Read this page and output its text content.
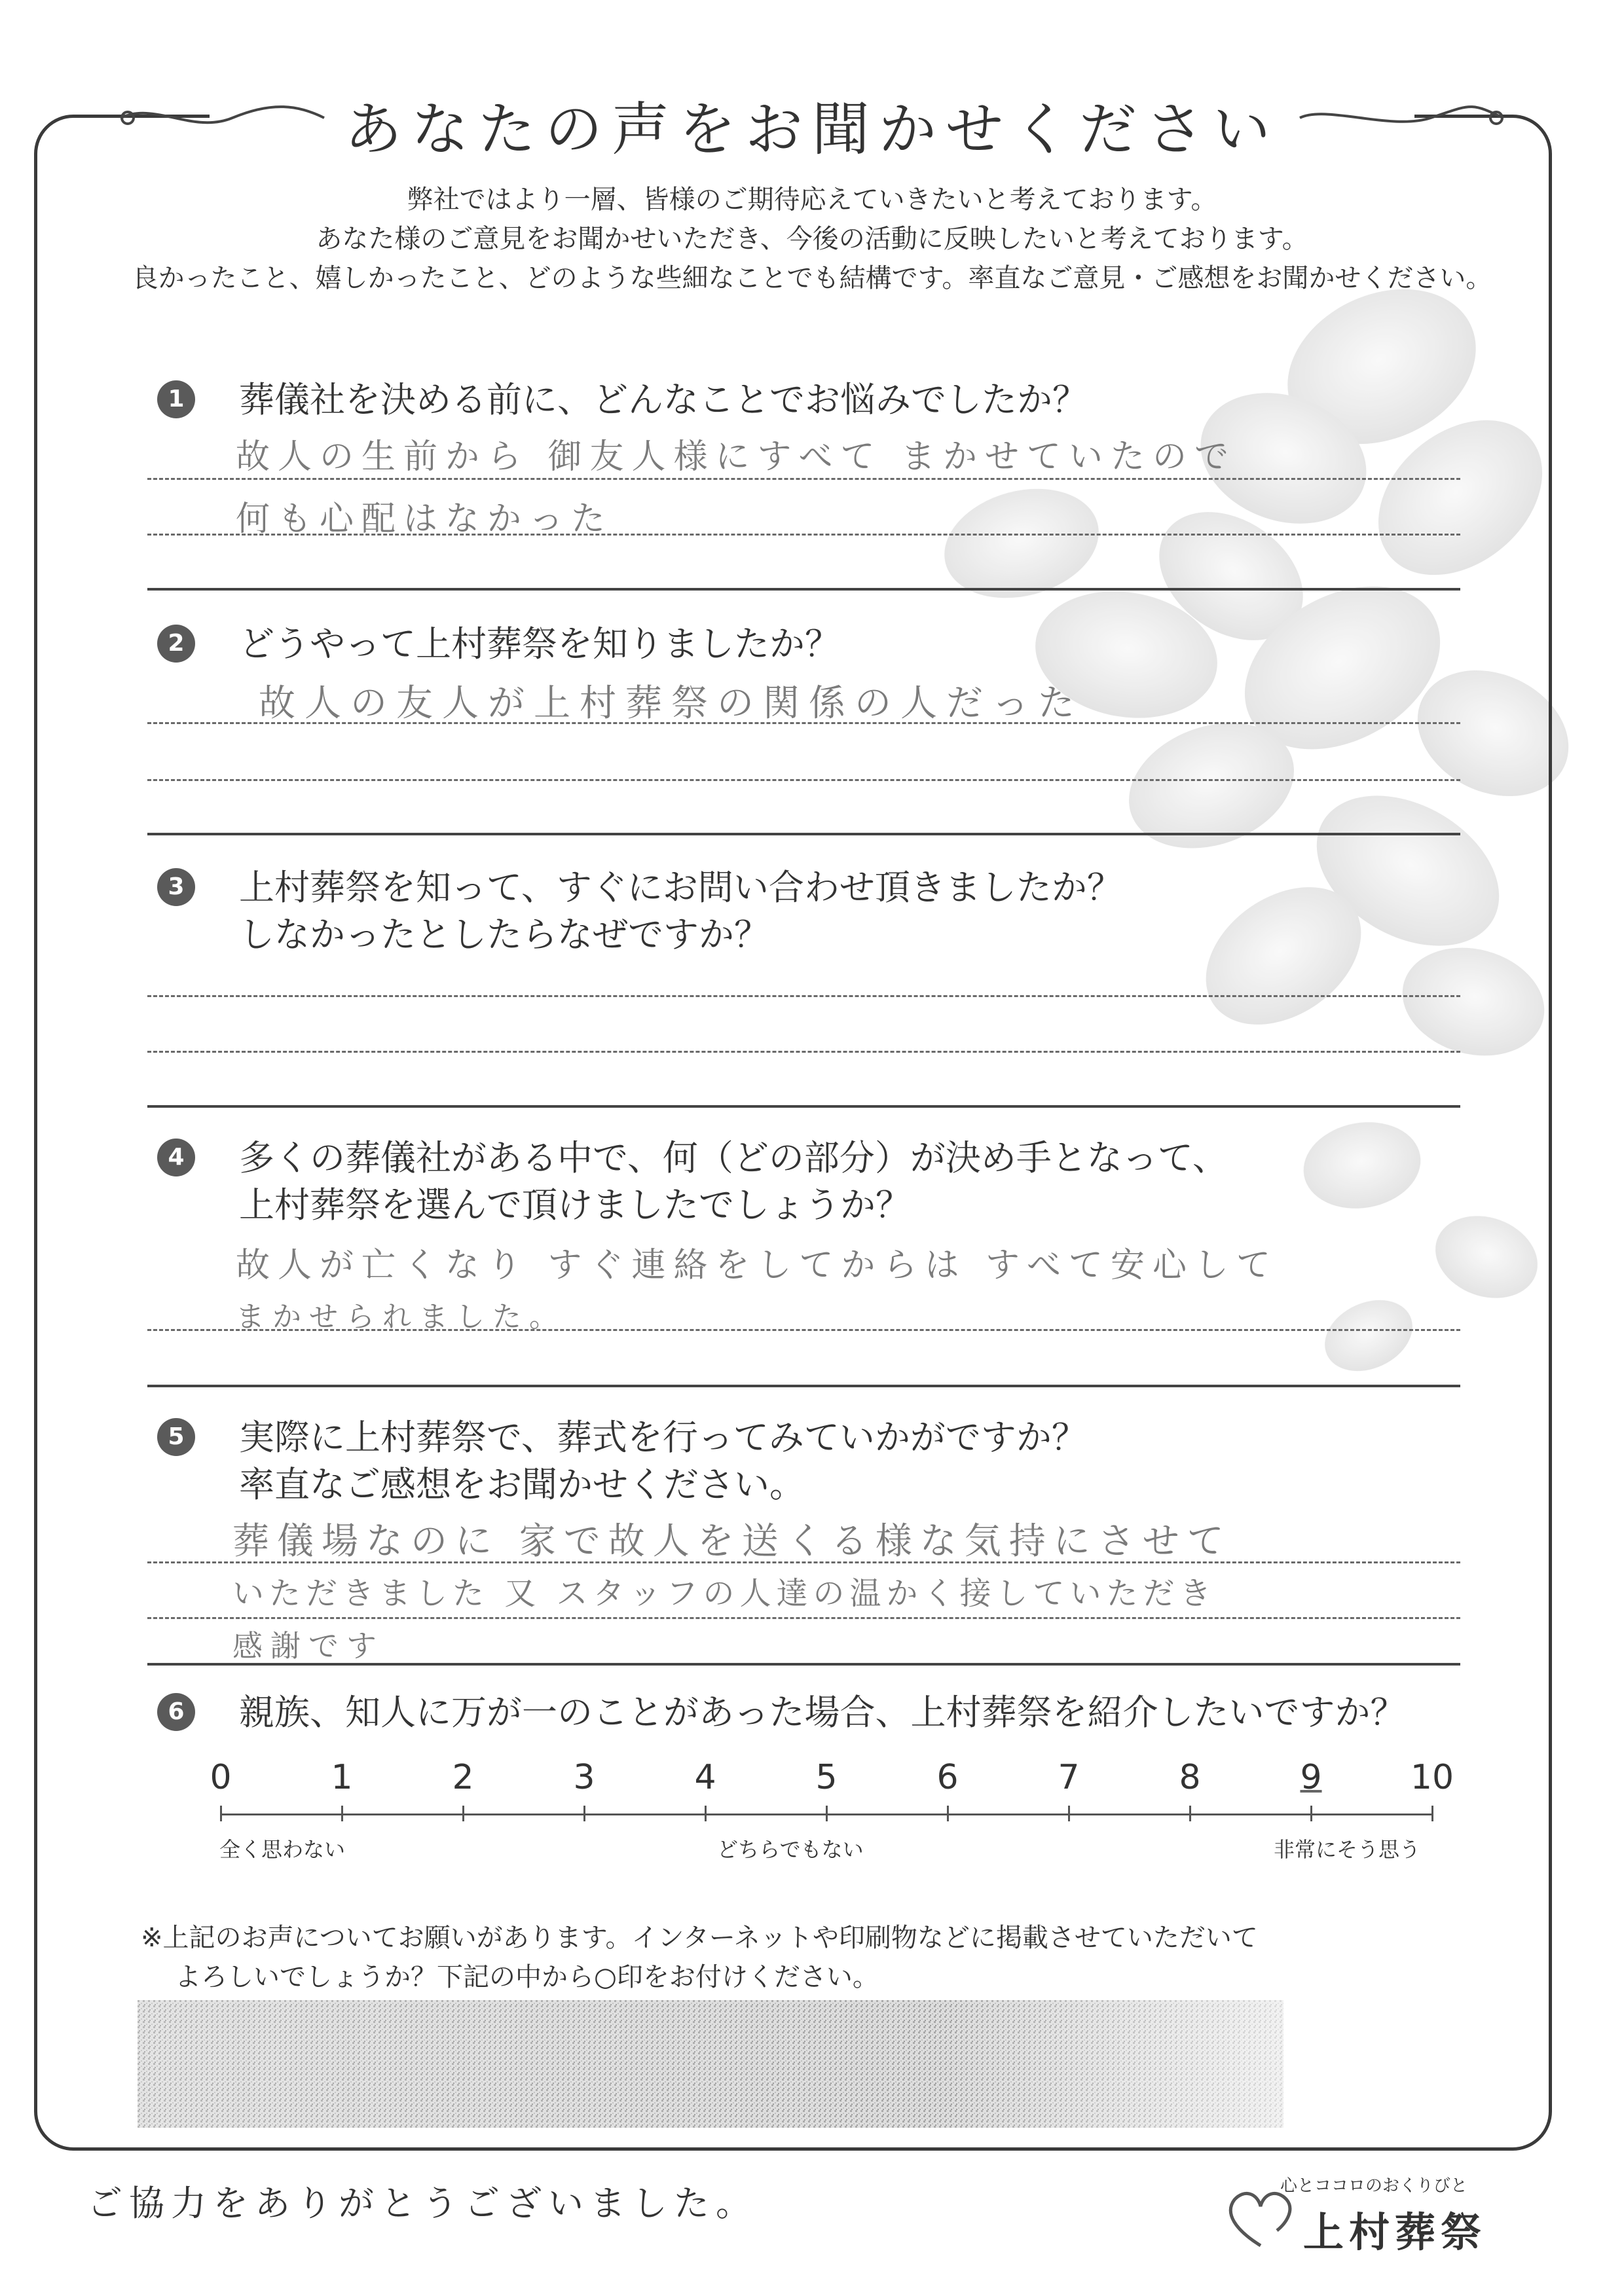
あなたの声をお聞かせください
弊社ではより一層、皆様のご期待応えていきたいと考えております。
あなた様のご意見をお聞かせいただき、今後の活動に反映したいと考えております。
良かったこと、嬉しかったこと、どのような些細なことでも結構です。率直なご意見・ご感想をお聞かせください。
1	葬儀社を決める前に、どんなことでお悩みでしたか？
故人の生前から 御友人様にすべて まかせていたので
何も心配はなかった
2	どうやって上村葬祭を知りましたか？
故人の友人が上村葬祭の関係の人だった
3	上村葬祭を知って、すぐにお問い合わせ頂きましたか？
しなかったとしたらなぜですか？
4	多くの葬儀社がある中で、何（どの部分）が決め手となって、
上村葬祭を選んで頂けましたでしょうか？
故人が亡くなり すぐ連絡をしてからは すべて安心して
まかせられました。
5	実際に上村葬祭で、葬式を行ってみていかがですか？
率直なご感想をお聞かせください。
葬儀場なのに 家で故人を送くる様な気持にさせて
いただきました 又 スタッフの人達の温かく接していただき
感謝です
6	親族、知人に万が一のことがあった場合、上村葬祭を紹介したいですか？
0	1	2	3	4	5	6	7	8	9	10
全く思わない	どちらでもない	非常にそう思う
※上記のお声についてお願いがあります。インターネットや印刷物などに掲載させていただいて
よろしいでしょうか？下記の中から○印をお付けください。
ご協力をありがとうございました。	心とココロのおくりびと
上村葬祭
